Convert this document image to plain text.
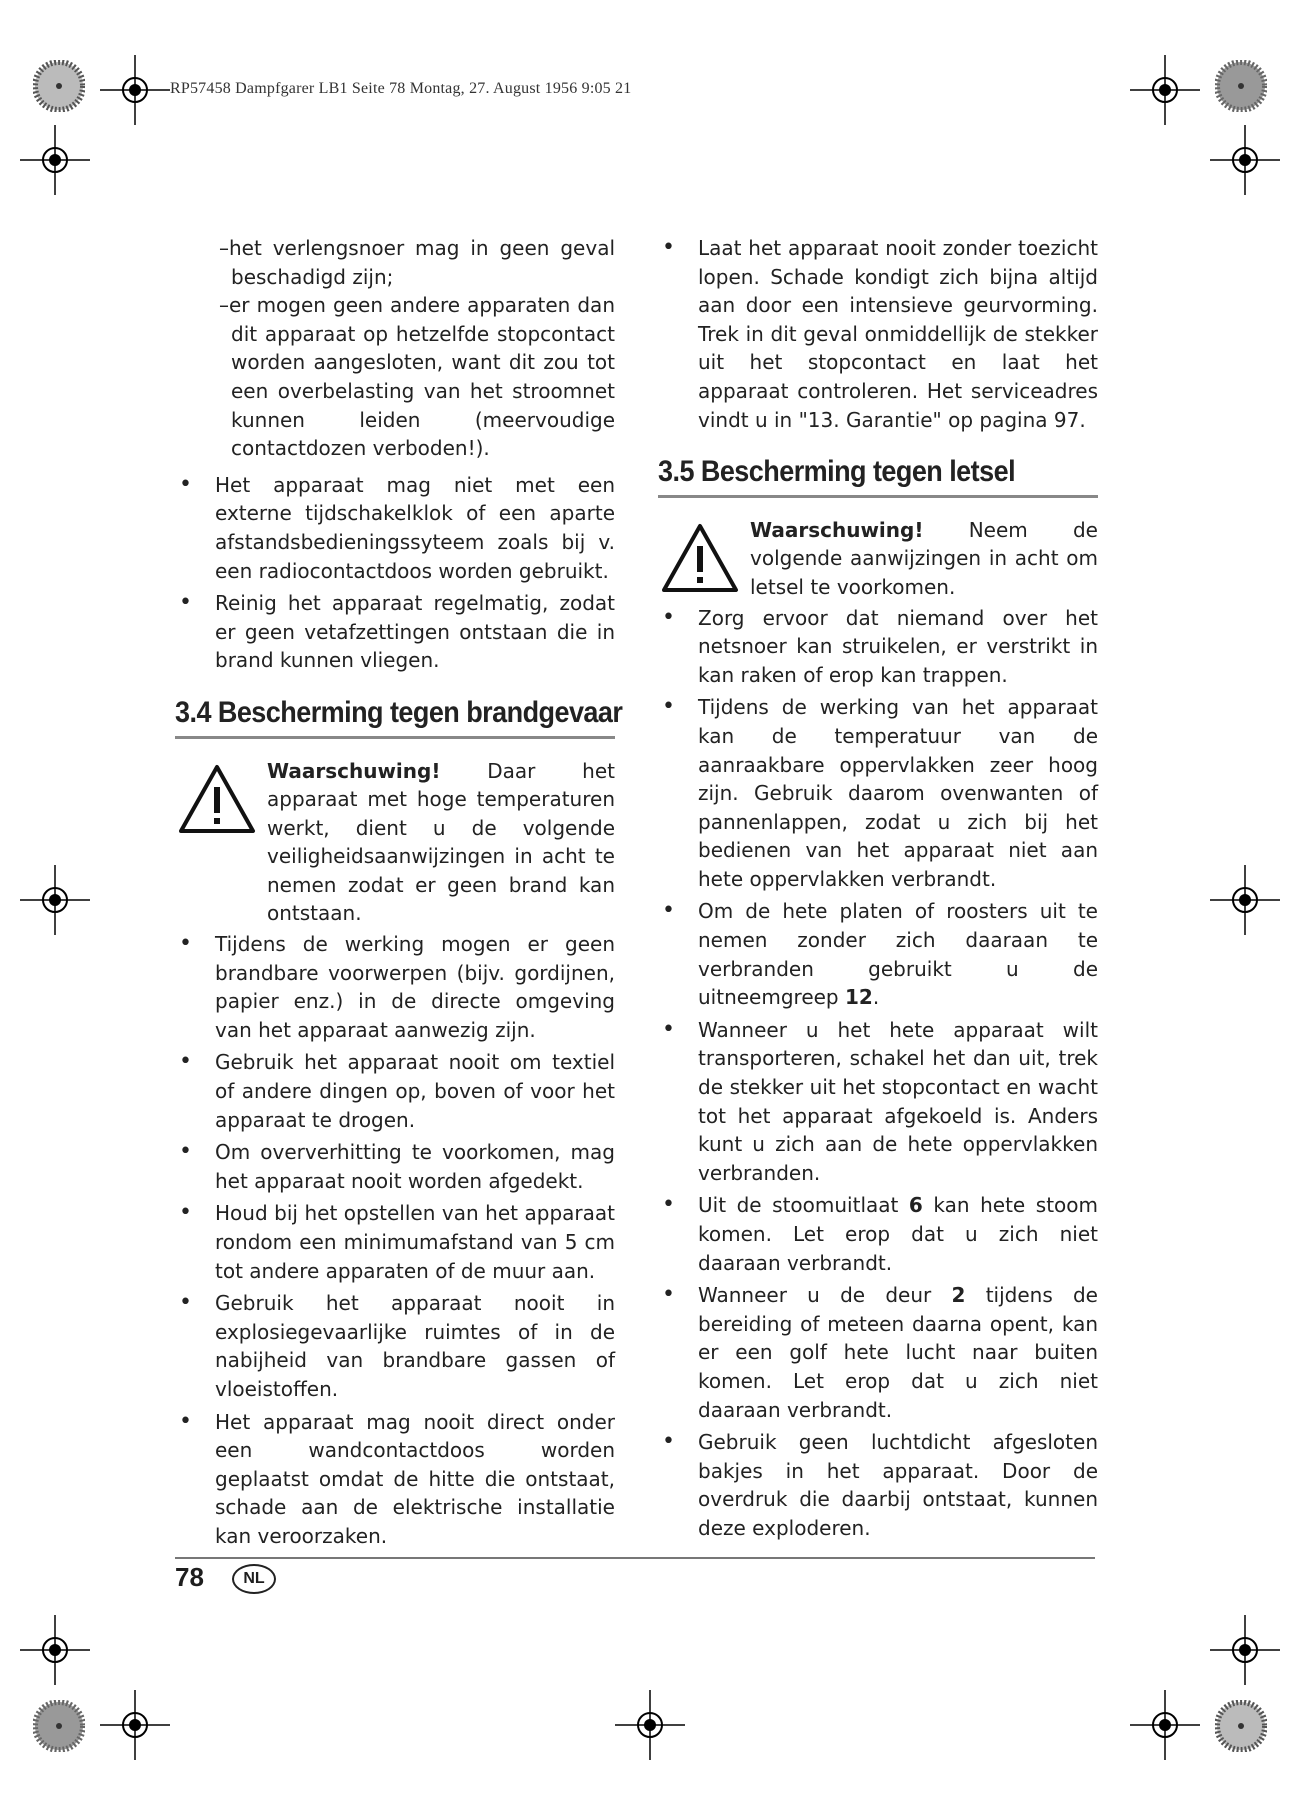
RP57458 Dampfgarer LB1 Seite 78 Montag, 27. August 1956 9:05 21

–het verlengsnoer mag in geen geval beschadigd zijn;

–er mogen geen andere apparaten dan dit apparaat op hetzelfde stopcontact worden aangesloten, want dit zou tot een overbelasting van het stroomnet kunnen leiden (meervoudige contactdozen verboden!).

• Het apparaat mag niet met een externe tijdschakelklok of een aparte afstandsbedieningssyteem zoals bij v. een radiocontactdoos worden gebruikt.

• Reinig het apparaat regelmatig, zodat er geen vetafzettingen ontstaan die in brand kunnen vliegen.

3.4 Bescherming tegen brandgevaar

Waarschuwing! Daar het apparaat met hoge temperaturen werkt, dient u de volgende veiligheidsaanwijzingen in acht te nemen zodat er geen brand kan ontstaan.

• Tijdens de werking mogen er geen brandbare voorwerpen (bijv. gordijnen, papier enz.) in de directe omgeving van het apparaat aanwezig zijn.

• Gebruik het apparaat nooit om textiel of andere dingen op, boven of voor het apparaat te drogen.

• Om oververhitting te voorkomen, mag het apparaat nooit worden afgedekt.

• Houd bij het opstellen van het apparaat rondom een minimumafstand van 5 cm tot andere apparaten of de muur aan.

• Gebruik het apparaat nooit in explosiegevaarlijke ruimtes of in de nabijheid van brandbare gassen of vloeistoffen.

• Het apparaat mag nooit direct onder een wandcontactdoos worden geplaatst omdat de hitte die ontstaat, schade aan de elektrische installatie kan veroorzaken.

• Laat het apparaat nooit zonder toezicht lopen. Schade kondigt zich bijna altijd aan door een intensieve geurvorming. Trek in dit geval onmiddellijk de stekker uit het stopcontact en laat het apparaat controleren. Het serviceadres vindt u in "13. Garantie" op pagina 97.

3.5 Bescherming tegen letsel

Waarschuwing! Neem de volgende aanwijzingen in acht om letsel te voorkomen.

• Zorg ervoor dat niemand over het netsnoer kan struikelen, er verstrikt in kan raken of erop kan trappen.

• Tijdens de werking van het apparaat kan de temperatuur van de aanraakbare oppervlakken zeer hoog zijn. Gebruik daarom ovenwanten of pannenlappen, zodat u zich bij het bedienen van het apparaat niet aan hete oppervlakken verbrandt.

• Om de hete platen of roosters uit te nemen zonder zich daaraan te verbranden gebruikt u de uitneemgreep 12.

• Wanneer u het hete apparaat wilt transporteren, schakel het dan uit, trek de stekker uit het stopcontact en wacht tot het apparaat afgekoeld is. Anders kunt u zich aan de hete oppervlakken verbranden.

• Uit de stoomuitlaat 6 kan hete stoom komen. Let erop dat u zich niet daaraan verbrandt.

• Wanneer u de deur 2 tijdens de bereiding of meteen daarna opent, kan er een golf hete lucht naar buiten komen. Let erop dat u zich niet daaraan verbrandt.

• Gebruik geen luchtdicht afgesloten bakjes in het apparaat. Door de overdruk die daarbij ontstaat, kunnen deze exploderen.

78	NL
